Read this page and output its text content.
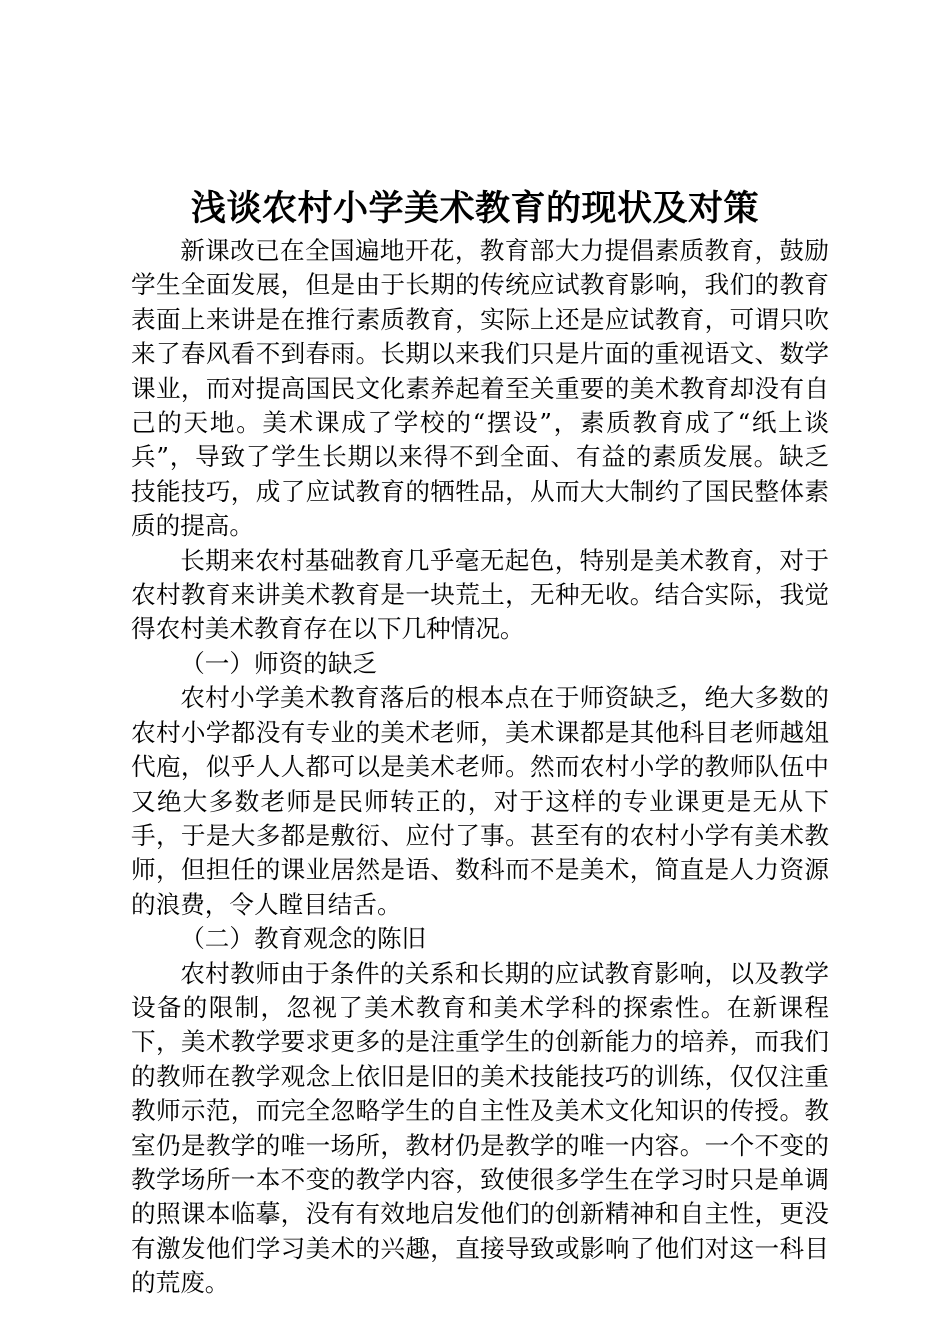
浅谈农村小学美术教育的现状及对策

新课改已在全国遍地开花，教育部大力提倡素质教育，鼓励学生全面发展，但是由于长期的传统应试教育影响，我们的教育表面上来讲是在推行素质教育，实际上还是应试教育，可谓只吹来了春风看不到春雨。长期以来我们只是片面的重视语文、数学课业，而对提高国民文化素养起着至关重要的美术教育却没有自己的天地。美术课成了学校的“摆设”，素质教育成了“纸上谈兵”，导致了学生长期以来得不到全面、有益的素质发展。缺乏技能技巧，成了应试教育的牺牲品，从而大大制约了国民整体素质的提高。

长期来农村基础教育几乎毫无起色，特别是美术教育，对于农村教育来讲美术教育是一块荒土，无种无收。结合实际，我觉得农村美术教育存在以下几种情况。

（一）师资的缺乏

农村小学美术教育落后的根本点在于师资缺乏，绝大多数的农村小学都没有专业的美术老师，美术课都是其他科目老师越俎代庖，似乎人人都可以是美术老师。然而农村小学的教师队伍中又绝大多数老师是民师转正的，对于这样的专业课更是无从下手，于是大多都是敷衍、应付了事。甚至有的农村小学有美术教师，但担任的课业居然是语、数科而不是美术，简直是人力资源的浪费，令人瞠目结舌。

（二）教育观念的陈旧

农村教师由于条件的关系和长期的应试教育影响，以及教学设备的限制，忽视了美术教育和美术学科的探索性。在新课程下，美术教学要求更多的是注重学生的创新能力的培养，而我们的教师在教学观念上依旧是旧的美术技能技巧的训练，仅仅注重教师示范，而完全忽略学生的自主性及美术文化知识的传授。教室仍是教学的唯一场所，教材仍是教学的唯一内容。一个不变的教学场所一本不变的教学内容，致使很多学生在学习时只是单调的照课本临摹，没有有效地启发他们的创新精神和自主性，更没有激发他们学习美术的兴趣，直接导致或影响了他们对这一科目的荒废。
